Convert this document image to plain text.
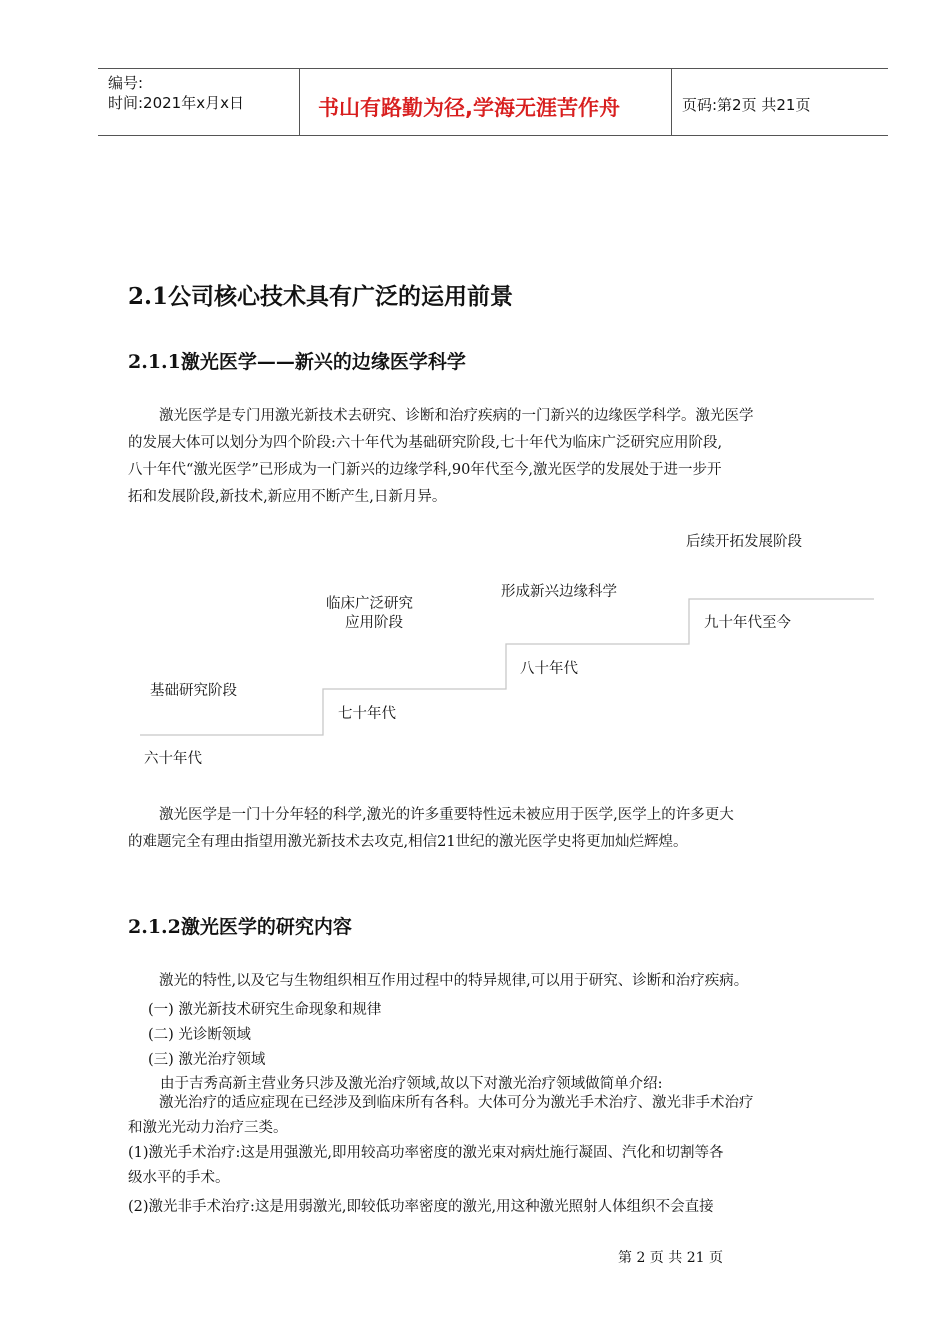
编号:
时间:2021年x月x日	书山有路勤为径,学海无涯苦作舟	页码:第2页 共21页
2.1公司核心技术具有广泛的运用前景
2.1.1激光医学——新兴的边缘医学科学

激光医学是专门用激光新技术去研究、诊断和治疗疾病的一门新兴的边缘医学科学。激光医学

的发展大体可以划分为四个阶段:六十年代为基础研究阶段,七十年代为临床广泛研究应用阶段,

八十年代“激光医学”已形成为一门新兴的边缘学科,90年代至今,激光医学的发展处于进一步开

拓和发展阶段,新技术,新应用不断产生,日新月异。

基础研究阶段
六十年代
临床广泛研究
应用阶段
七十年代
形成新兴边缘科学
八十年代
后续开拓发展阶段
九十年代至今

激光医学是一门十分年轻的科学,激光的许多重要特性远未被应用于医学,医学上的许多更大

的难题完全有理由指望用激光新技术去攻克,相信21世纪的激光医学史将更加灿烂辉煌。

2.1.2激光医学的研究内容

激光的特性,以及它与生物组织相互作用过程中的特异规律,可以用于研究、诊断和治疗疾病。

(一) 激光新技术研究生命现象和规律
(二) 光诊断领域
(三) 激光治疗领域
由于吉秀高新主营业务只涉及激光治疗领域,故以下对激光治疗领域做简单介绍:

激光治疗的适应症现在已经涉及到临床所有各科。大体可分为激光手术治疗、激光非手术治疗

和激光光动力治疗三类。

(1)激光手术治疗:这是用强激光,即用较高功率密度的激光束对病灶施行凝固、汽化和切割等各

级水平的手术。

(2)激光非手术治疗:这是用弱激光,即较低功率密度的激光,用这种激光照射人体组织不会直接
第 2 页 共 21 页
